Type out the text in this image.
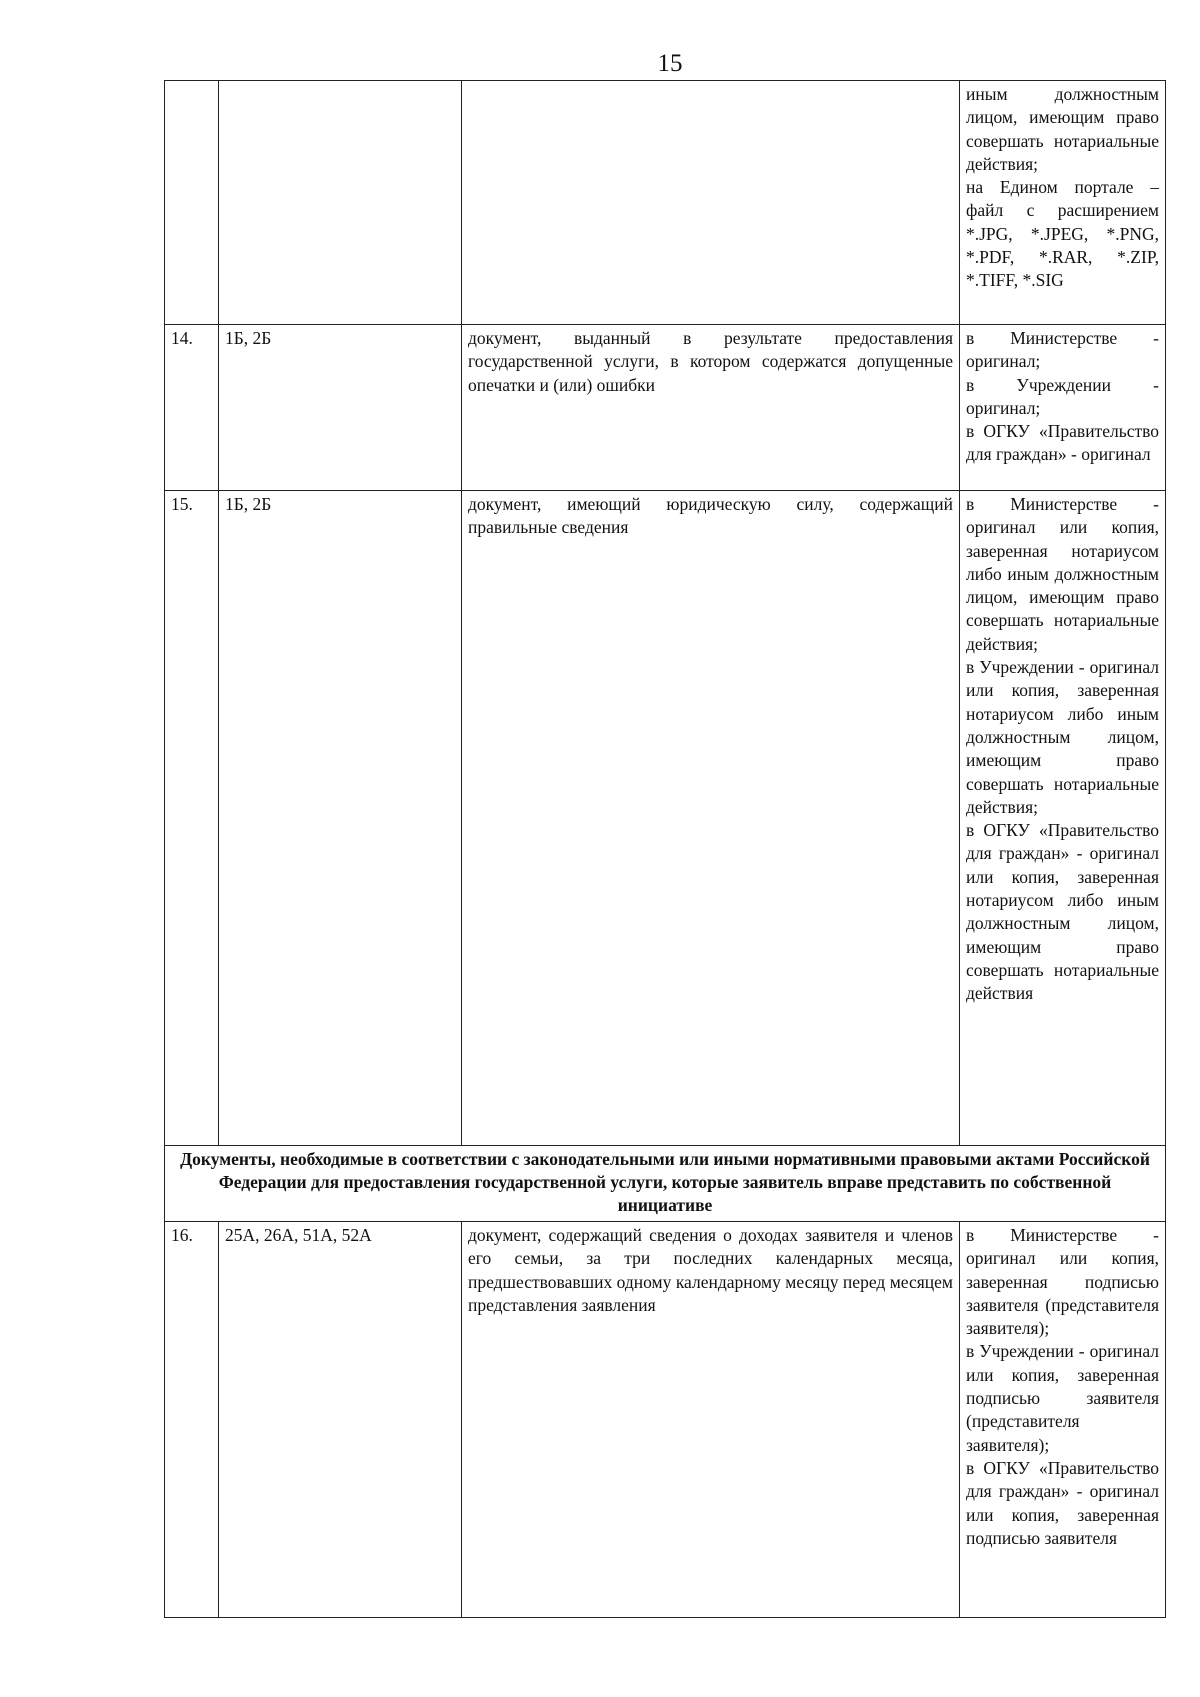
15

			иным должностным лицом, имеющим право совершать нотариальные действия;
на Едином портале – файл с расширением *.JPG, *.JPEG, *.PNG, *.PDF, *.RAR, *.ZIP, *.TIFF, *.SIG

14.	1Б, 2Б	документ, выданный в результате предоставления государственной услуги, в котором содержатся допущенные опечатки и (или) ошибки	в Министерстве - оригинал;
в Учреждении - оригинал;
в ОГКУ «Правительство для граждан» - оригинал

15.	1Б, 2Б	документ, имеющий юридическую силу, содержащий правильные сведения	в Министерстве - оригинал или копия, заверенная нотариусом либо иным должностным лицом, имеющим право совершать нотариальные действия;
в Учреждении - оригинал или копия, заверенная нотариусом либо иным должностным лицом, имеющим право совершать нотариальные действия;
в ОГКУ «Правительство для граждан» - оригинал или копия, заверенная нотариусом либо иным должностным лицом, имеющим право совершать нотариальные действия

Документы, необходимые в соответствии с законодательными или иными нормативными правовыми актами Российской Федерации для предоставления государственной услуги, которые заявитель вправе представить по собственной инициативе			
16.	25А, 26А, 51А, 52А	документ, содержащий сведения о доходах заявителя и членов его семьи, за три последних календарных месяца, предшествовавших одному календарному месяцу перед месяцем представления заявления	в Министерстве - оригинал или копия, заверенная подписью заявителя (представителя заявителя);
в Учреждении - оригинал или копия, заверенная подписью заявителя (представителя заявителя);
в ОГКУ «Правительство для граждан» - оригинал или копия, заверенная подписью заявителя
